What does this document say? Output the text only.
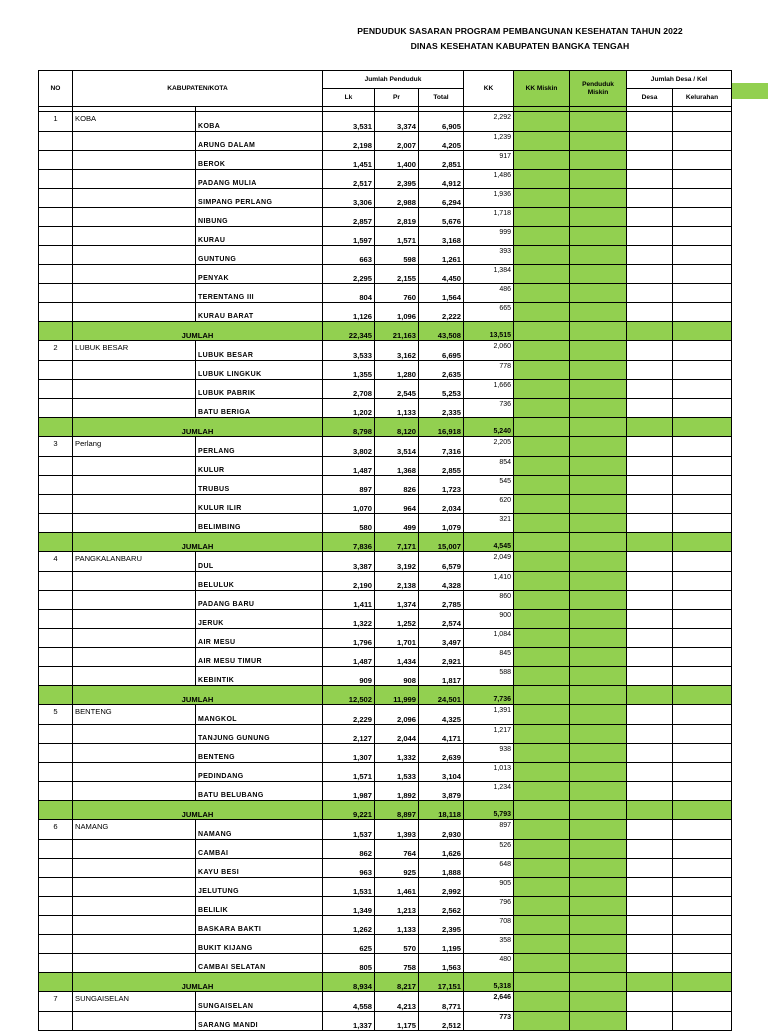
PENDUDUK SASARAN PROGRAM PEMBANGUNAN KESEHATAN TAHUN 2022
DINAS KESEHATAN KABUPATEN BANGKA TENGAH
NO	KABUPATEN/KOTA		Jumlah Penduduk			KK	KK Miskin	Penduduk Miskin	Jumlah Desa / Kel	
			Lk	Pr	Total				Desa	Kelurahan

1	KOBA	KOBA	3,531	3,374	6,905	2,292				
		ARUNG DALAM	2,198	2,007	4,205	1,239				
		BEROK	1,451	1,400	2,851	917				
		PADANG MULIA	2,517	2,395	4,912	1,486				
		SIMPANG PERLANG	3,306	2,988	6,294	1,936				
		NIBUNG	2,857	2,819	5,676	1,718				
		KURAU	1,597	1,571	3,168	999				
		GUNTUNG	663	598	1,261	393				
		PENYAK	2,295	2,155	4,450	1,384				
		TERENTANG III	804	760	1,564	486				
		KURAU BARAT	1,126	1,096	2,222	665				
	JUMLAH		22,345	21,163	43,508	13,515				
2	LUBUK BESAR	LUBUK BESAR	3,533	3,162	6,695	2,060				
		LUBUK LINGKUK	1,355	1,280	2,635	778				
		LUBUK PABRIK	2,708	2,545	5,253	1,666				
		BATU BERIGA	1,202	1,133	2,335	736				
	JUMLAH		8,798	8,120	16,918	5,240				
3	Perlang	PERLANG	3,802	3,514	7,316	2,205				
		KULUR	1,487	1,368	2,855	854				
		TRUBUS	897	826	1,723	545				
		KULUR ILIR	1,070	964	2,034	620				
		BELIMBING	580	499	1,079	321				
	JUMLAH		7,836	7,171	15,007	4,545				
4	PANGKALANBARU	DUL	3,387	3,192	6,579	2,049				
		BELULUK	2,190	2,138	4,328	1,410				
		PADANG BARU	1,411	1,374	2,785	860				
		JERUK	1,322	1,252	2,574	900				
		AIR MESU	1,796	1,701	3,497	1,084				
		AIR MESU TIMUR	1,487	1,434	2,921	845				
		KEBINTIK	909	908	1,817	588				
	JUMLAH		12,502	11,999	24,501	7,736				
5	BENTENG	MANGKOL	2,229	2,096	4,325	1,391				
		TANJUNG GUNUNG	2,127	2,044	4,171	1,217				
		BENTENG	1,307	1,332	2,639	938				
		PEDINDANG	1,571	1,533	3,104	1,013				
		BATU BELUBANG	1,987	1,892	3,879	1,234				
	JUMLAH		9,221	8,897	18,118	5,793				
6	NAMANG	NAMANG	1,537	1,393	2,930	897				
		CAMBAI	862	764	1,626	526				
		KAYU BESI	963	925	1,888	648				
		JELUTUNG	1,531	1,461	2,992	905				
		BELILIK	1,349	1,213	2,562	796				
		BASKARA BAKTI	1,262	1,133	2,395	708				
		BUKIT KIJANG	625	570	1,195	358				
		CAMBAI SELATAN	805	758	1,563	480				
	JUMLAH		8,934	8,217	17,151	5,318				
7	SUNGAISELAN	SUNGAISELAN	4,558	4,213	8,771	2,646				
		SARANG MANDI	1,337	1,175	2,512	773				
